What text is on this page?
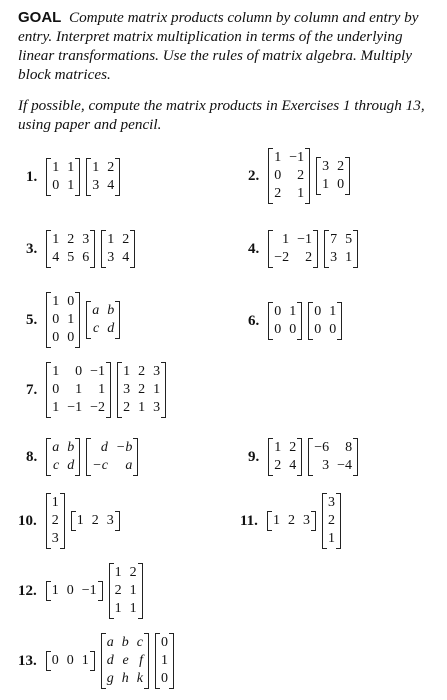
GOAL Compute matrix products column by column and entry by entry. Interpret matrix multiplication in terms of the underlying linear transformations. Use the rules of matrix algebra. Multiply block matrices.
If possible, compute the matrix products in Exercises 1 through 13, using paper and pencil.
1.
1 1
0 1
1 2
3 4
2.
1 −1
0	2
2	1
3 2
1 0
3.
1 2 3
4 5 6
1 2
3 4
4.
1 −1
−2	2
7 5
3 1
5.
1 0
0 1
0 0
a b
c d	6.
0 1
0 0
0 1
0 0
7.
1	0 −1
0	1	1
1 −1 −2
1 2 3
3 2 1
2 1 3
8.
a b
c d
d −b
−c	a
9.
1 2
2 4
−6	8
3 −4
10.
1
2
3
1 2 3	11. 1 2 3
3
2
1
12. 1 0 −1
1 2
2 1
1 1
13. 0 0 1
a b c
d e f
g h k
0
1
0
